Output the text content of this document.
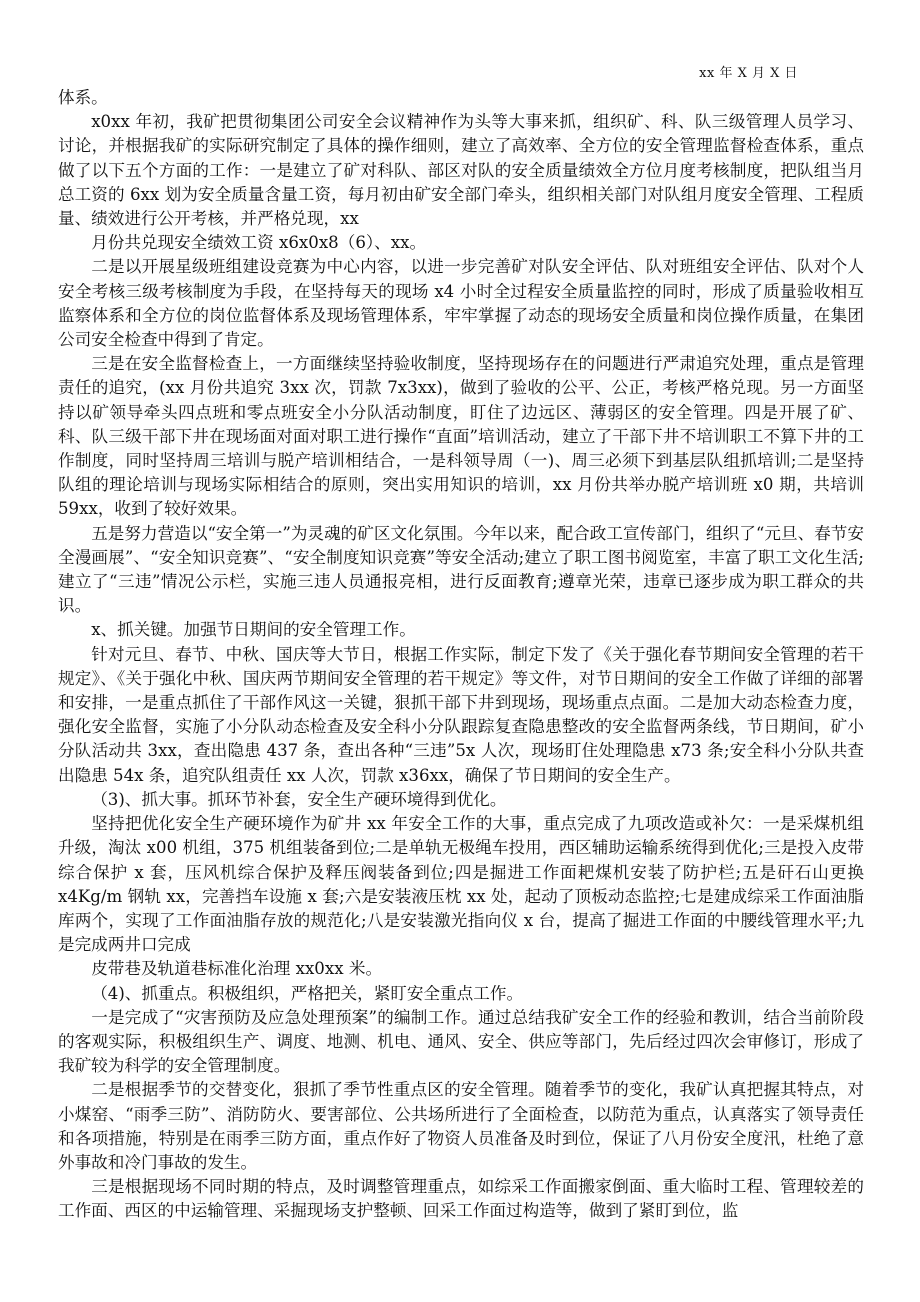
xx 年 X 月 X 日

体系。

x0xx 年初，我矿把贯彻集团公司安全会议精神作为头等大事来抓，组织矿、科、队三级管理人员学习、讨论，并根据我矿的实际研究制定了具体的操作细则，建立了高效率、全方位的安全管理监督检查体系，重点做了以下五个方面的工作：一是建立了矿对科队、部区对队的安全质量绩效全方位月度考核制度，把队组当月总工资的 6xx 划为安全质量含量工资，每月初由矿安全部门牵头，组织相关部门对队组月度安全管理、工程质量、绩效进行公开考核，并严格兑现，xx

月份共兑现安全绩效工资 x6x0x8（6）、xx。

二是以开展星级班组建设竞赛为中心内容，以进一步完善矿对队安全评估、队对班组安全评估、队对个人安全考核三级考核制度为手段，在坚持每天的现场 x4 小时全过程安全质量监控的同时，形成了质量验收相互监察体系和全方位的岗位监督体系及现场管理体系，牢牢掌握了动态的现场安全质量和岗位操作质量，在集团公司安全检查中得到了肯定。

三是在安全监督检查上，一方面继续坚持验收制度，坚持现场存在的问题进行严肃追究处理，重点是管理责任的追究，(xx 月份共追究 3xx 次，罚款 7x3xx)，做到了验收的公平、公正，考核严格兑现。另一方面坚持以矿领导牵头四点班和零点班安全小分队活动制度，盯住了边远区、薄弱区的安全管理。四是开展了矿、科、队三级干部下井在现场面对面对职工进行操作“直面”培训活动，建立了干部下井不培训职工不算下井的工作制度，同时坚持周三培训与脱产培训相结合，一是科领导周（一)、周三必须下到基层队组抓培训;二是坚持队组的理论培训与现场实际相结合的原则，突出实用知识的培训，xx 月份共举办脱产培训班 x0 期，共培训 59xx，收到了较好效果。

五是努力营造以“安全第一”为灵魂的矿区文化氛围。今年以来，配合政工宣传部门，组织了“元旦、春节安全漫画展”、“安全知识竞赛”、“安全制度知识竞赛”等安全活动;建立了职工图书阅览室，丰富了职工文化生活;建立了“三违”情况公示栏，实施三违人员通报亮相，进行反面教育;遵章光荣，违章已逐步成为职工群众的共识。

x、抓关键。加强节日期间的安全管理工作。

针对元旦、春节、中秋、国庆等大节日，根据工作实际，制定下发了《关于强化春节期间安全管理的若干规定》、《关于强化中秋、国庆两节期间安全管理的若干规定》等文件，对节日期间的安全工作做了详细的部署和安排，一是重点抓住了干部作风这一关键，狠抓干部下井到现场，现场重点点面。二是加大动态检查力度，强化安全监督，实施了小分队动态检查及安全科小分队跟踪复查隐患整改的安全监督两条线，节日期间，矿小分队活动共 3xx，查出隐患 437 条，查出各种“三违”5x 人次，现场盯住处理隐患 x73 条;安全科小分队共查出隐患 54x 条，追究队组责任 xx 人次，罚款 x36xx，确保了节日期间的安全生产。

（3)、抓大事。抓环节补套，安全生产硬环境得到优化。

坚持把优化安全生产硬环境作为矿井 xx 年安全工作的大事，重点完成了九项改造或补欠：一是采煤机组升级，淘汰 x00 机组，375 机组装备到位;二是单轨无极绳车投用，西区辅助运输系统得到优化;三是投入皮带综合保护 x 套，压风机综合保护及释压阀装备到位;四是掘进工作面耙煤机安装了防护栏;五是矸石山更换 x4Kg/m 钢轨 xx，完善挡车设施 x 套;六是安装液压枕 xx 处，起动了顶板动态监控;七是建成综采工作面油脂库两个，实现了工作面油脂存放的规范化;八是安装激光指向仪 x 台，提高了掘进工作面的中腰线管理水平;九是完成两井口完成

皮带巷及轨道巷标准化治理 xx0xx 米。

（4)、抓重点。积极组织，严格把关，紧盯安全重点工作。

一是完成了“灾害预防及应急处理预案”的编制工作。通过总结我矿安全工作的经验和教训，结合当前阶段的客观实际，积极组织生产、调度、地测、机电、通风、安全、供应等部门，先后经过四次会审修订，形成了我矿较为科学的安全管理制度。

二是根据季节的交替变化，狠抓了季节性重点区的安全管理。随着季节的变化，我矿认真把握其特点，对小煤窑、“雨季三防”、消防防火、要害部位、公共场所进行了全面检查，以防范为重点，认真落实了领导责任和各项措施，特别是在雨季三防方面，重点作好了物资人员准备及时到位，保证了八月份安全度汛，杜绝了意外事故和冷门事故的发生。

三是根据现场不同时期的特点，及时调整管理重点，如综采工作面搬家倒面、重大临时工程、管理较差的工作面、西区的中运输管理、采掘现场支护整顿、回采工作面过构造等，做到了紧盯到位，监
